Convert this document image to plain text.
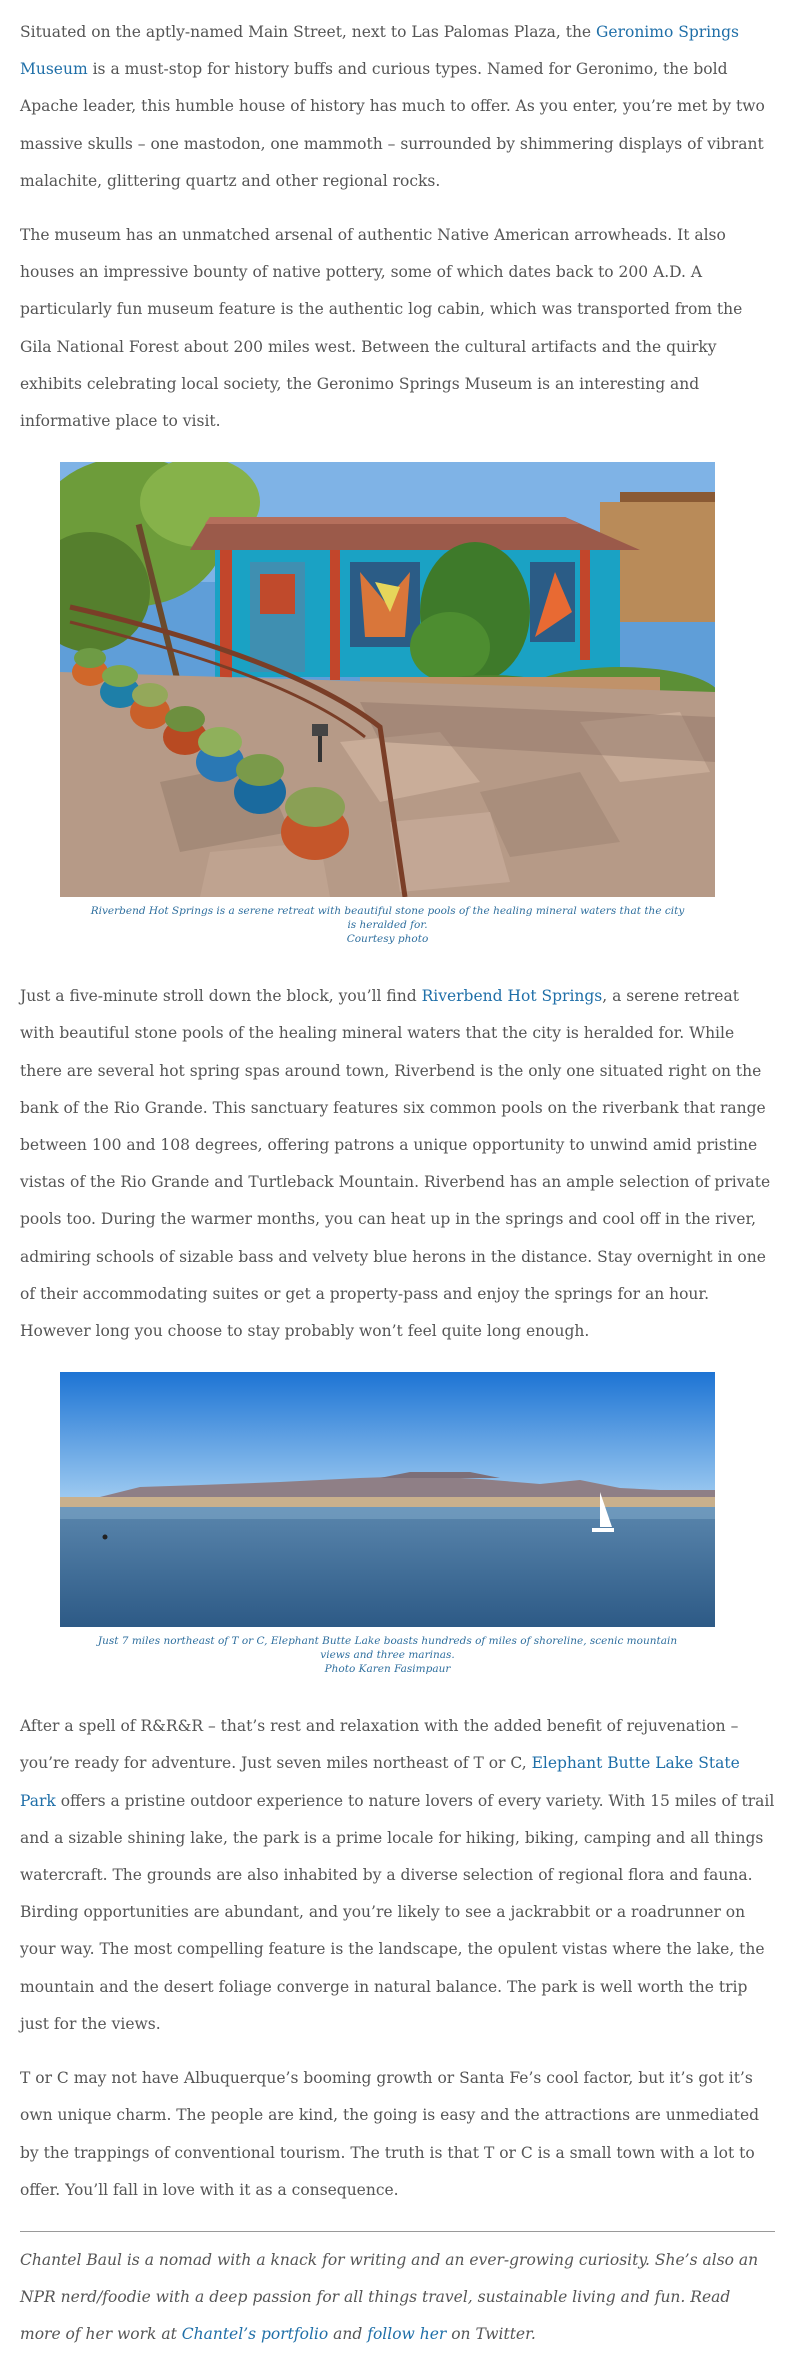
Situated on the aptly-named Main Street, next to Las Palomas Plaza, the Geronimo Springs Museum is a must-stop for history buffs and curious types. Named for Geronimo, the bold Apache leader, this humble house of history has much to offer. As you enter, you’re met by two massive skulls – one mastodon, one mammoth – surrounded by shimmering displays of vibrant malachite, glittering quartz and other regional rocks.

The museum has an unmatched arsenal of authentic Native American arrowheads. It also houses an impressive bounty of native pottery, some of which dates back to 200 A.D. A particularly fun museum feature is the authentic log cabin, which was transported from the Gila National Forest about 200 miles west. Between the cultural artifacts and the quirky exhibits celebrating local society, the Geronimo Springs Museum is an interesting and informative place to visit.

Riverbend Hot Springs is a serene retreat with beautiful stone pools of the healing mineral waters that the city is heralded for.
Courtesy photo

Just a five-minute stroll down the block, you’ll find Riverbend Hot Springs, a serene retreat with beautiful stone pools of the healing mineral waters that the city is heralded for. While there are several hot spring spas around town, Riverbend is the only one situated right on the bank of the Rio Grande. This sanctuary features six common pools on the riverbank that range between 100 and 108 degrees, offering patrons a unique opportunity to unwind amid pristine vistas of the Rio Grande and Turtleback Mountain. Riverbend has an ample selection of private pools too. During the warmer months, you can heat up in the springs and cool off in the river, admiring schools of sizable bass and velvety blue herons in the distance. Stay overnight in one of their accommodating suites or get a property-pass and enjoy the springs for an hour. However long you choose to stay probably won’t feel quite long enough.

Just 7 miles northeast of T or C, Elephant Butte Lake boasts hundreds of miles of shoreline, scenic mountain views and three marinas.
Photo Karen Fasimpaur

After a spell of R&R&R – that’s rest and relaxation with the added benefit of rejuvenation – you’re ready for adventure. Just seven miles northeast of T or C, Elephant Butte Lake State Park offers a pristine outdoor experience to nature lovers of every variety. With 15 miles of trail and a sizable shining lake, the park is a prime locale for hiking, biking, camping and all things watercraft. The grounds are also inhabited by a diverse selection of regional flora and fauna. Birding opportunities are abundant, and you’re likely to see a jackrabbit or a roadrunner on your way. The most compelling feature is the landscape, the opulent vistas where the lake, the mountain and the desert foliage converge in natural balance. The park is well worth the trip just for the views.

T or C may not have Albuquerque’s booming growth or Santa Fe’s cool factor, but it’s got it’s own unique charm. The people are kind, the going is easy and the attractions are unmediated by the trappings of conventional tourism. The truth is that T or C is a small town with a lot to offer. You’ll fall in love with it as a consequence.

Chantel Baul is a nomad with a knack for writing and an ever-growing curiosity. She’s also an NPR nerd/foodie with a deep passion for all things travel, sustainable living and fun. Read more of her work at Chantel’s portfolio and follow her on Twitter.
